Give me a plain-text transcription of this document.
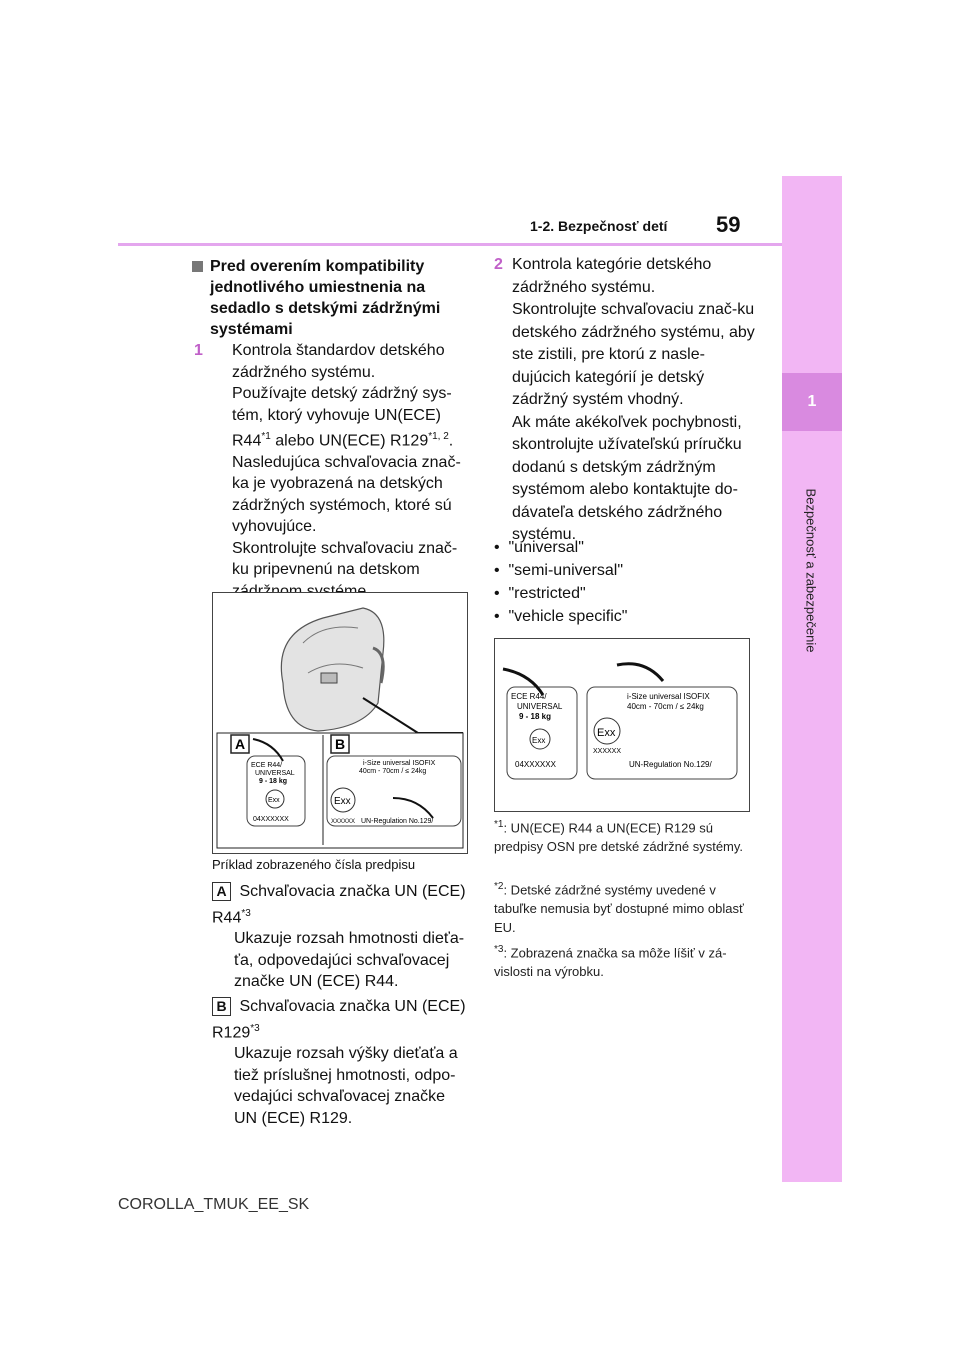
1
Bezpečnosť a zabezpečenie
1-2. Bezpečnosť detí 59
Pred overením kompatibility jednotlivého umiestnenia na sedadlo s detskými zádržnými systémami
1 Kontrola štandardov detského zádržného systému.
Používajte detský zádržný sys-tém, ktorý vyhovuje UN(ECE) R44$^{*1}$ alebo UN(ECE) R129$^{*1, 2}$.
Nasledujúca schvaľovacia znač-ka je vyobrazená na detských zádržných systémoch, ktoré sú vyhovujúce.
Skontrolujte schvaľovaciu znač-ku pripevnenú na detskom
A	B
ECE R44/
UNIVERSAL
9 - 18 kg
Exx
04XXXXXX
i-Size universal ISOFIX
40cm - 70cm / ≤ 24kg
Exx
XXXXXX UN-Regulation No.129/
Príklad zobrazeného čísla predpisu
A Schvaľovacia značka UN (ECE) R44$^{*3}$
Ukazuje rozsah hmotnosti dieťa-ťa, odpovedajúci schvaľovacej značke UN (ECE) R44.
B Schvaľovacia značka UN (ECE) R129$^{*3}$
Ukazuje rozsah výšky dieťaťa a tiež príslušnej hmotnosti, odpo-vedajúci schvaľovacej značke UN (ECE) R129.
2 Kontrola kategórie detského zádržného systému.
Skontrolujte schvaľovaciu znač-ku detského zádržného systému, aby ste zistili, pre ktorú z nasle-dujúcich kategórií je detský zádržný systém vhodný.
Ak máte akékoľvek pochybnosti, skontrolujte užívateľskú príručku dodanú s detským zádržným systémom alebo kontaktujte do-dávateľa detského zádržného systému.
•  "universal"
•  "semi-universal"
•  "restricted"
•  "vehicle specific"
ECE R44/
UNIVERSAL
9 - 18 kg
Exx
04XXXXXX
i-Size universal ISOFIX
40cm - 70cm / ≤ 24kg
Exx
XXXXXX
UN-Regulation No.129/
$^{*1}$: UN(ECE) R44 a UN(ECE) R129 sú predpisy OSN pre detské zádržné systémy.
$^{*2}$: Detské zádržné systémy uvedené v tabuľke nemusia byť dostupné mimo oblasť EU.
$^{*3}$: Zobrazená značka sa môže líšiť v zá-vislosti na výrobku.
COROLLA_TMUK_EE_SK
